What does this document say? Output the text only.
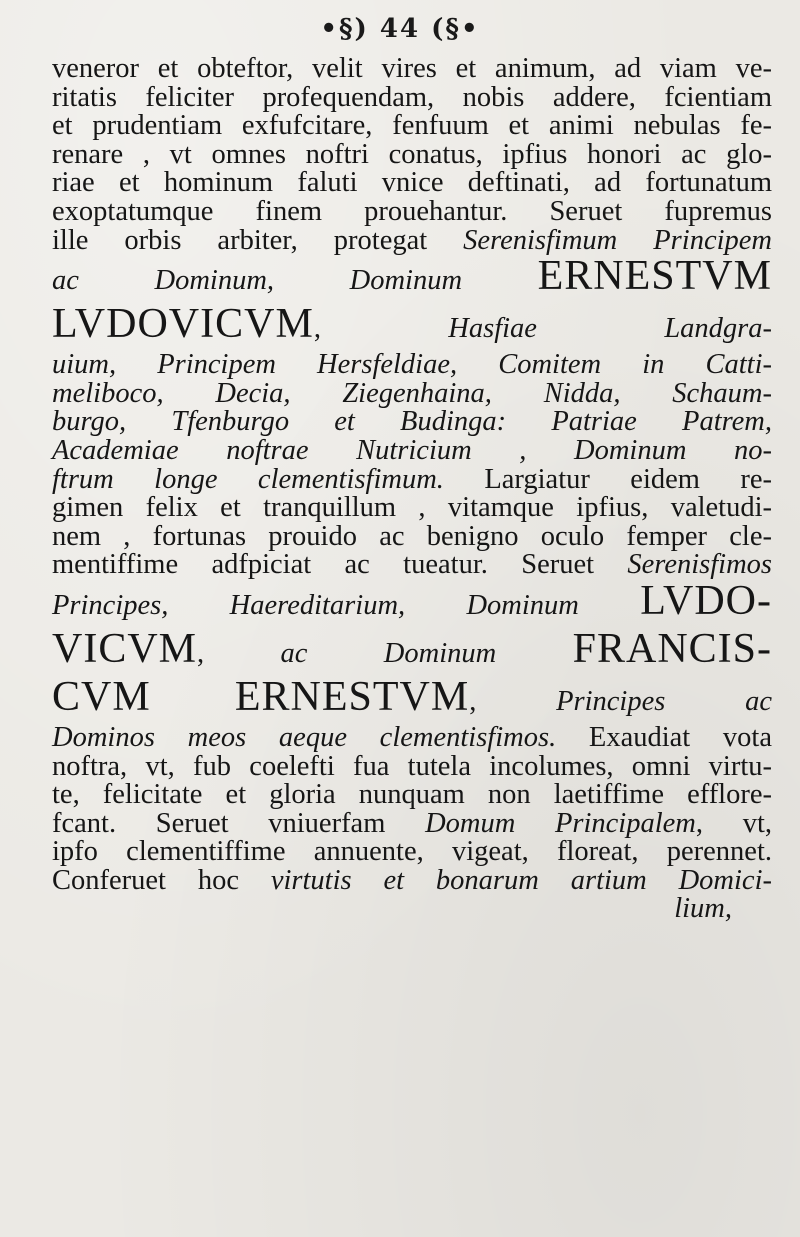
•§) 44 (§•
veneror et obteftor, velit vires et animum, ad viam ve-
ritatis feliciter profequendam, nobis addere, fcientiam
et prudentiam exfufcitare, fenfuum et animi nebulas fe-
renare , vt omnes noftri conatus, ipfius honori ac glo-
riae et hominum faluti vnice deftinati, ad fortunatum
exoptatumque finem prouehantur. Seruet fupremus
ille orbis arbiter, protegat Serenisfimum Principem
ac Dominum, Dominum ERNESTVM
LVDOVICVM, Hasfiae Landgra-
uium, Principem Hersfeldiae, Comitem in Catti-
meliboco, Decia, Ziegenhaina, Nidda, Schaum-
burgo, Tfenburgo et Budinga: Patriae Patrem,
Academiae noftrae Nutricium , Dominum no-
ftrum longe clementisfimum. Largiatur eidem re-
gimen felix et tranquillum , vitamque ipfius, valetudi-
nem , fortunas prouido ac benigno oculo femper cle-
mentiffime adfpiciat ac tueatur. Seruet Serenisfimos
Principes, Haereditarium, Dominum LVDO-
VICVM, ac Dominum FRANCIS-
CVM ERNESTVM, Principes ac
Dominos meos aeque clementisfimos. Exaudiat vota
noftra, vt, fub coelefti fua tutela incolumes, omni virtu-
te, felicitate et gloria nunquam non laetiffime efflore-
fcant. Seruet vniuerfam Domum Principalem, vt,
ipfo clementiffime annuente, vigeat, floreat, perennet.
Conferuet hoc virtutis et bonarum artium Domici-
lium,
